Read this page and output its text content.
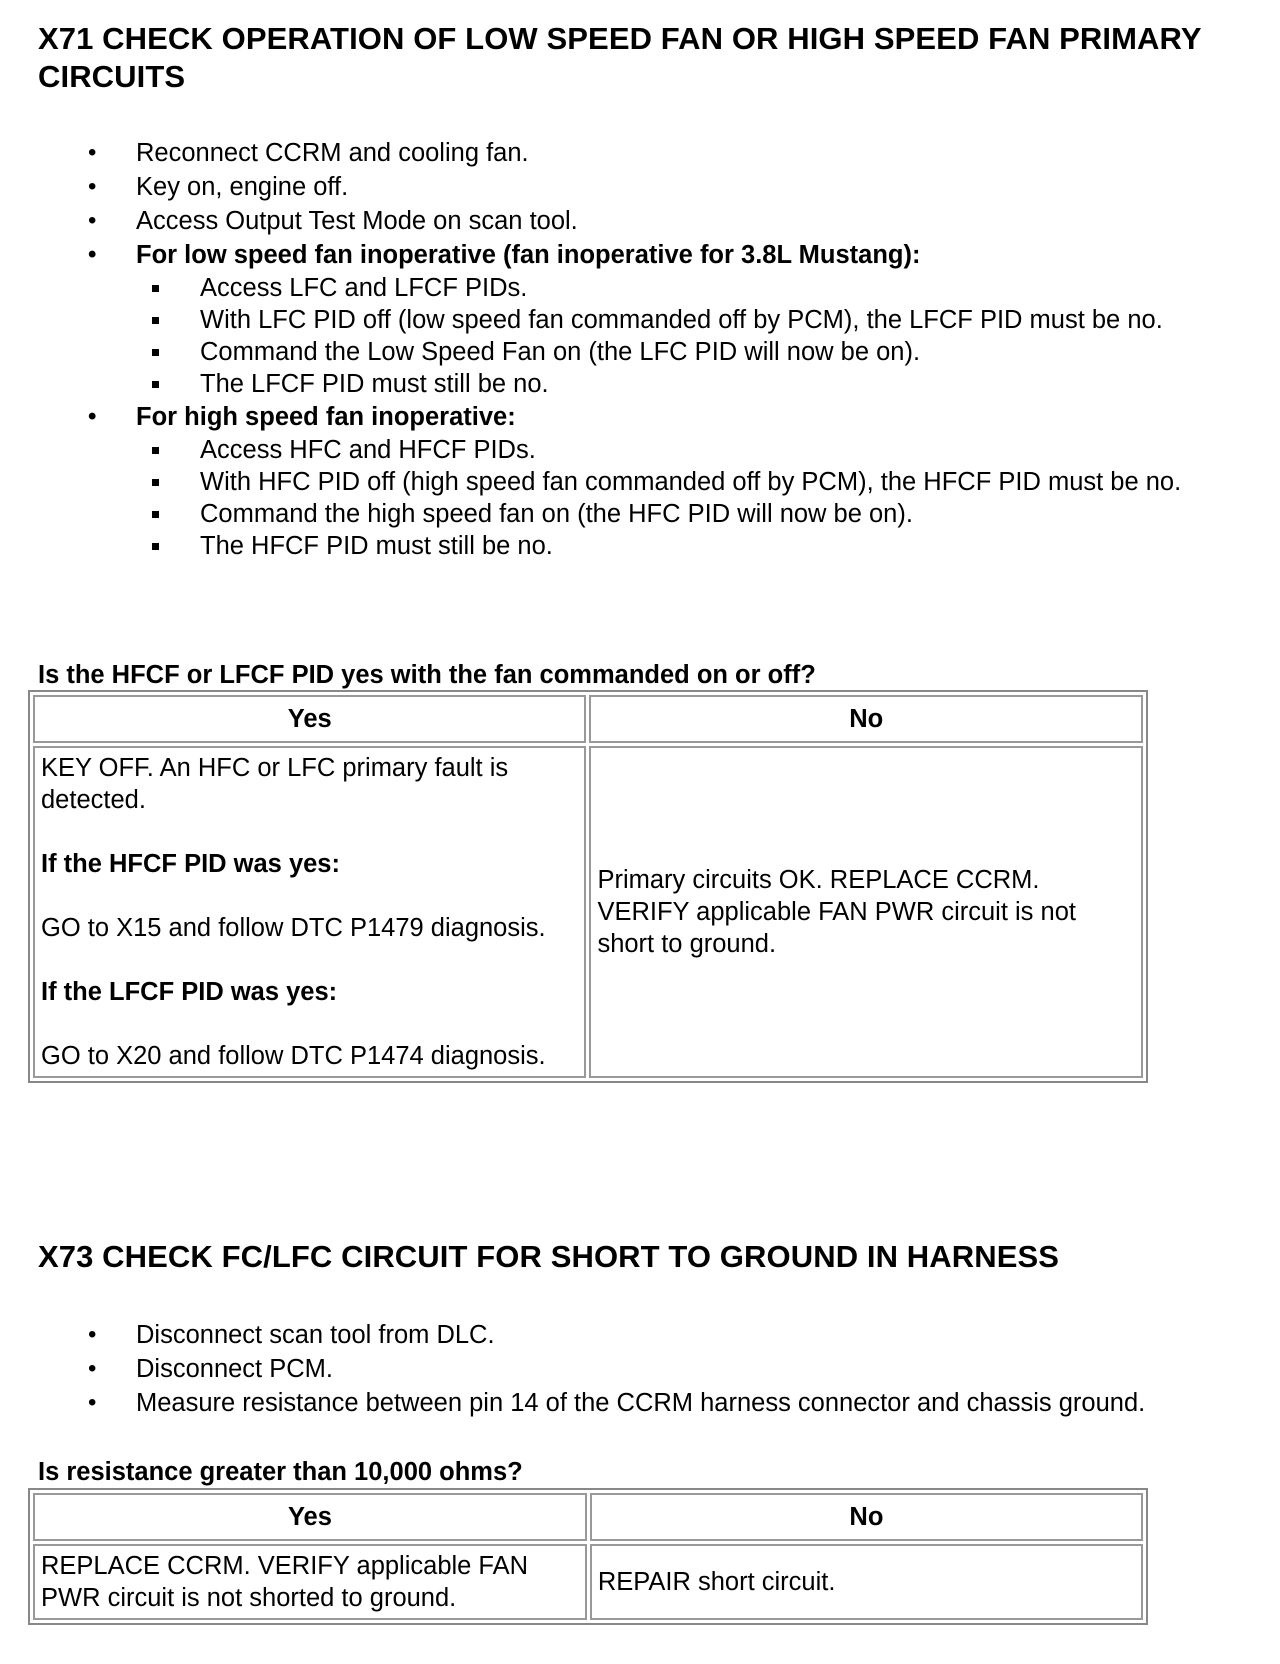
X71 CHECK OPERATION OF LOW SPEED FAN OR HIGH SPEED FAN PRIMARY CIRCUITS
• Reconnect CCRM and cooling fan.
• Key on, engine off.
• Access Output Test Mode on scan tool.
• For low speed fan inoperative (fan inoperative for 3.8L Mustang):
Access LFC and LFCF PIDs.
With LFC PID off (low speed fan commanded off by PCM), the LFCF PID must be no.
Command the Low Speed Fan on (the LFC PID will now be on).
The LFCF PID must still be no.
• For high speed fan inoperative:
Access HFC and HFCF PIDs.
With HFC PID off (high speed fan commanded off by PCM), the HFCF PID must be no.
Command the high speed fan on (the HFC PID will now be on).
The HFCF PID must still be no.

Is the HFCF or LFCF PID yes with the fan commanded on or off?

Yes	No

KEY OFF. An HFC or LFC primary fault is detected.

If the HFCF PID was yes:

GO to X15 and follow DTC P1479 diagnosis.

If the LFCF PID was yes:

GO to X20 and follow DTC P1474 diagnosis.	Primary circuits OK. REPLACE CCRM. VERIFY applicable FAN PWR circuit is not short to ground.

X73 CHECK FC/LFC CIRCUIT FOR SHORT TO GROUND IN HARNESS
• Disconnect scan tool from DLC.
• Disconnect PCM.
• Measure resistance between pin 14 of the CCRM harness connector and chassis ground.

Is resistance greater than 10,000 ohms?

Yes	No

REPLACE CCRM. VERIFY applicable FAN PWR circuit is not shorted to ground.	REPAIR short circuit.
